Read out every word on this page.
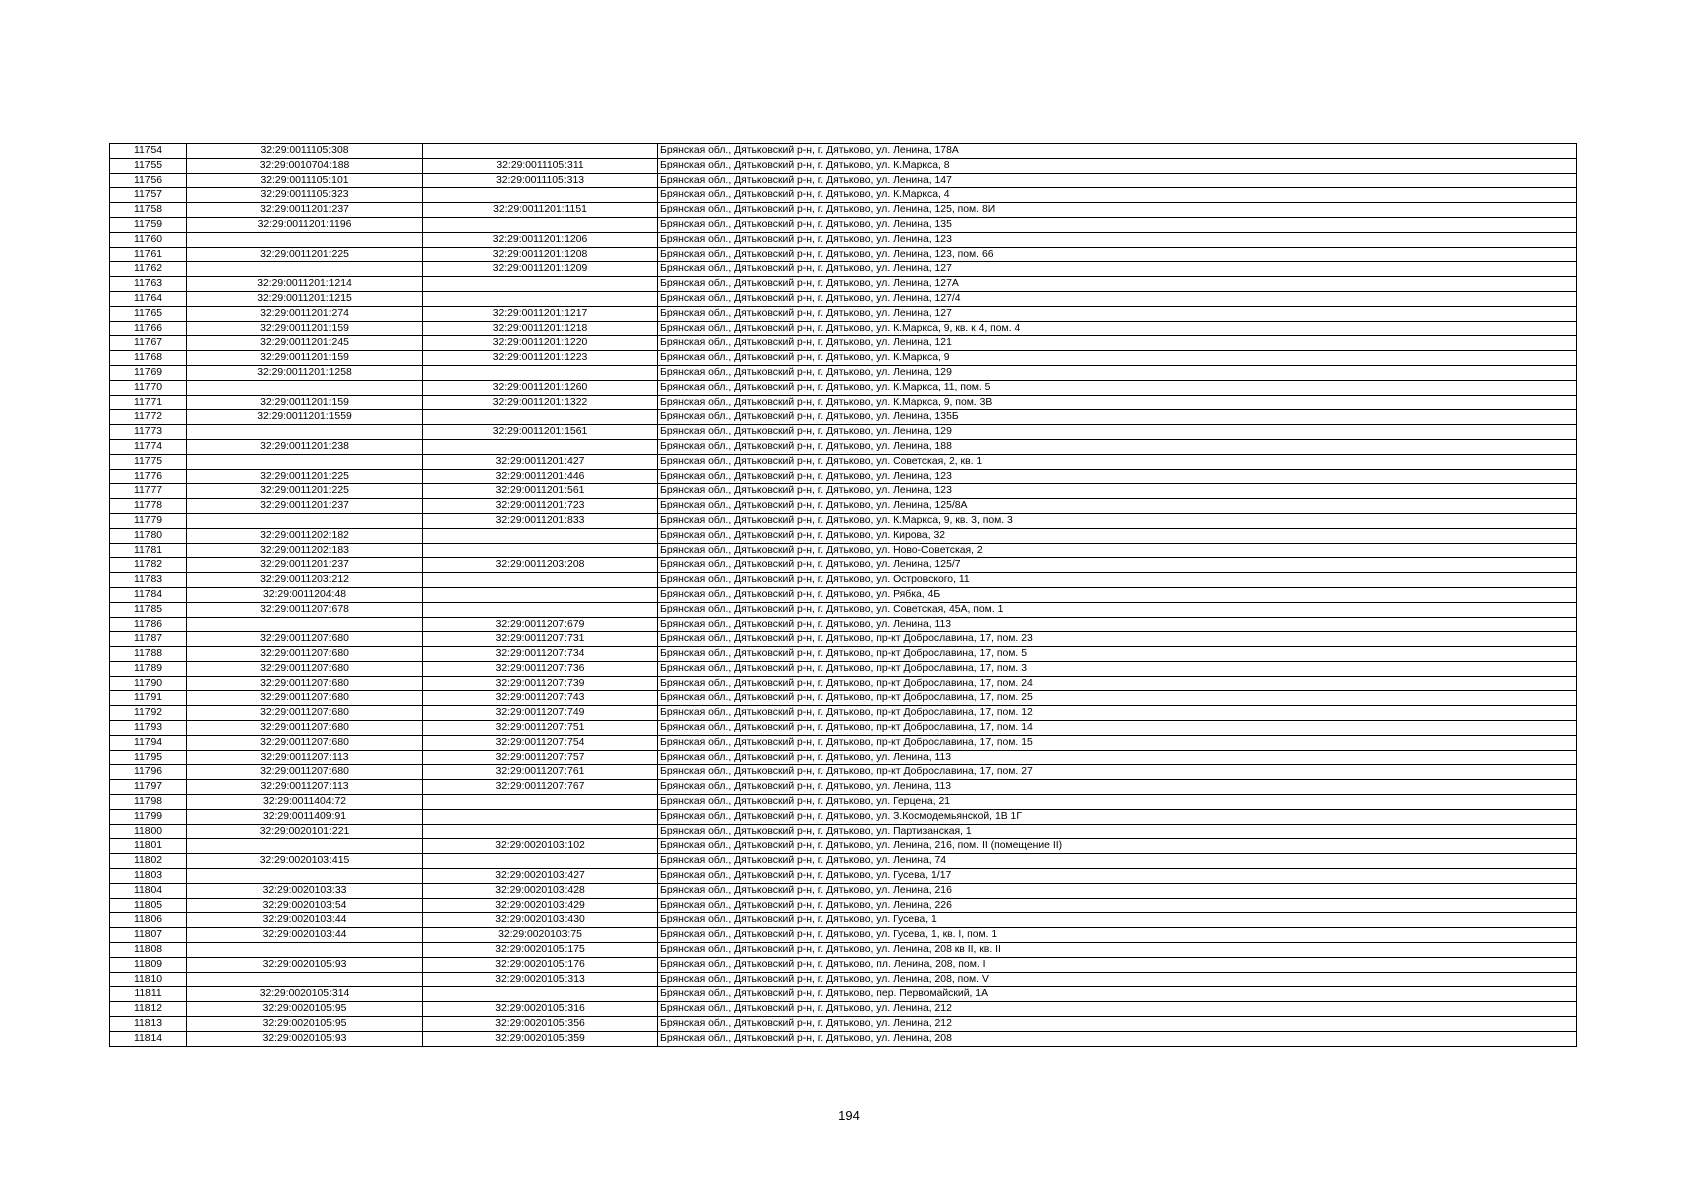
11754	32:29:0011105:308		Брянская обл., Дятьковский р-н, г. Дятьково, ул. Ленина, 178А
11755	32:29:0010704:188	32:29:0011105:311	Брянская обл., Дятьковский р-н, г. Дятьково, ул. К.Маркса, 8
11756	32:29:0011105:101	32:29:0011105:313	Брянская обл., Дятьковский р-н, г. Дятьково, ул. Ленина, 147
11757	32:29:0011105:323		Брянская обл., Дятьковский р-н, г. Дятьково, ул. К.Маркса, 4
11758	32:29:0011201:237	32:29:0011201:1151	Брянская обл., Дятьковский р-н, г. Дятьково, ул. Ленина, 125, пом. 8И
11759	32:29:0011201:1196		Брянская обл., Дятьковский р-н, г. Дятьково, ул. Ленина, 135
11760		32:29:0011201:1206	Брянская обл., Дятьковский р-н, г. Дятьково, ул. Ленина, 123
11761	32:29:0011201:225	32:29:0011201:1208	Брянская обл., Дятьковский р-н, г. Дятьково, ул. Ленина, 123, пом. 66
11762		32:29:0011201:1209	Брянская обл., Дятьковский р-н, г. Дятьково, ул. Ленина, 127
11763	32:29:0011201:1214		Брянская обл., Дятьковский р-н, г. Дятьково, ул. Ленина, 127А
11764	32:29:0011201:1215		Брянская обл., Дятьковский р-н, г. Дятьково, ул. Ленина, 127/4
11765	32:29:0011201:274	32:29:0011201:1217	Брянская обл., Дятьковский р-н, г. Дятьково, ул. Ленина, 127
11766	32:29:0011201:159	32:29:0011201:1218	Брянская обл., Дятьковский р-н, г. Дятьково, ул. К.Маркса, 9, кв. к 4, пом. 4
11767	32:29:0011201:245	32:29:0011201:1220	Брянская обл., Дятьковский р-н, г. Дятьково, ул. Ленина, 121
11768	32:29:0011201:159	32:29:0011201:1223	Брянская обл., Дятьковский р-н, г. Дятьково, ул. К.Маркса, 9
11769	32:29:0011201:1258		Брянская обл., Дятьковский р-н, г. Дятьково, ул. Ленина, 129
11770		32:29:0011201:1260	Брянская обл., Дятьковский р-н, г. Дятьково, ул. К.Маркса, 11, пом. 5
11771	32:29:0011201:159	32:29:0011201:1322	Брянская обл., Дятьковский р-н, г. Дятьково, ул. К.Маркса, 9, пом. 3В
11772	32:29:0011201:1559		Брянская обл., Дятьковский р-н, г. Дятьково, ул. Ленина, 135Б
11773		32:29:0011201:1561	Брянская обл., Дятьковский р-н, г. Дятьково, ул. Ленина, 129
11774	32:29:0011201:238		Брянская обл., Дятьковский р-н, г. Дятьково, ул. Ленина, 188
11775		32:29:0011201:427	Брянская обл., Дятьковский р-н, г. Дятьково, ул. Советская, 2, кв. 1
11776	32:29:0011201:225	32:29:0011201:446	Брянская обл., Дятьковский р-н, г. Дятьково, ул. Ленина, 123
11777	32:29:0011201:225	32:29:0011201:561	Брянская обл., Дятьковский р-н, г. Дятьково, ул. Ленина, 123
11778	32:29:0011201:237	32:29:0011201:723	Брянская обл., Дятьковский р-н, г. Дятьково, ул. Ленина, 125/8А
11779		32:29:0011201:833	Брянская обл., Дятьковский р-н, г. Дятьково, ул. К.Маркса, 9, кв. 3, пом. 3
11780	32:29:0011202:182		Брянская обл., Дятьковский р-н, г. Дятьково, ул. Кирова, 32
11781	32:29:0011202:183		Брянская обл., Дятьковский р-н, г. Дятьково, ул. Ново-Советская, 2
11782	32:29:0011201:237	32:29:0011203:208	Брянская обл., Дятьковский р-н, г. Дятьково, ул. Ленина, 125/7
11783	32:29:0011203:212		Брянская обл., Дятьковский р-н, г. Дятьково, ул. Островского, 11
11784	32:29:0011204:48		Брянская обл., Дятьковский р-н, г. Дятьково, ул. Рябка, 4Б
11785	32:29:0011207:678		Брянская обл., Дятьковский р-н, г. Дятьково, ул. Советская, 45А, пом. 1
11786		32:29:0011207:679	Брянская обл., Дятьковский р-н, г. Дятьково, ул. Ленина, 113
11787	32:29:0011207:680	32:29:0011207:731	Брянская обл., Дятьковский р-н, г. Дятьково, пр-кт Доброславина, 17, пом. 23
11788	32:29:0011207:680	32:29:0011207:734	Брянская обл., Дятьковский р-н, г. Дятьково, пр-кт Доброславина, 17, пом. 5
11789	32:29:0011207:680	32:29:0011207:736	Брянская обл., Дятьковский р-н, г. Дятьково, пр-кт Доброславина, 17, пом. 3
11790	32:29:0011207:680	32:29:0011207:739	Брянская обл., Дятьковский р-н, г. Дятьково, пр-кт Доброславина, 17, пом. 24
11791	32:29:0011207:680	32:29:0011207:743	Брянская обл., Дятьковский р-н, г. Дятьково, пр-кт Доброславина, 17, пом. 25
11792	32:29:0011207:680	32:29:0011207:749	Брянская обл., Дятьковский р-н, г. Дятьково, пр-кт Доброславина, 17, пом. 12
11793	32:29:0011207:680	32:29:0011207:751	Брянская обл., Дятьковский р-н, г. Дятьково, пр-кт Доброславина, 17, пом. 14
11794	32:29:0011207:680	32:29:0011207:754	Брянская обл., Дятьковский р-н, г. Дятьково, пр-кт Доброславина, 17, пом. 15
11795	32:29:0011207:113	32:29:0011207:757	Брянская обл., Дятьковский р-н, г. Дятьково, ул. Ленина, 113
11796	32:29:0011207:680	32:29:0011207:761	Брянская обл., Дятьковский р-н, г. Дятьково, пр-кт Доброславина, 17, пом. 27
11797	32:29:0011207:113	32:29:0011207:767	Брянская обл., Дятьковский р-н, г. Дятьково, ул. Ленина, 113
11798	32:29:0011404:72		Брянская обл., Дятьковский р-н, г. Дятьково, ул. Герцена, 21
11799	32:29:0011409:91		Брянская обл., Дятьковский р-н, г. Дятьково, ул. З.Космодемьянской, 1В 1Г
11800	32:29:0020101:221		Брянская обл., Дятьковский р-н, г. Дятьково, ул. Партизанская, 1
11801		32:29:0020103:102	Брянская обл., Дятьковский р-н, г. Дятьково, ул. Ленина, 216, пом. II (помещение II)
11802	32:29:0020103:415		Брянская обл., Дятьковский р-н, г. Дятьково, ул. Ленина, 74
11803		32:29:0020103:427	Брянская обл., Дятьковский р-н, г. Дятьково, ул. Гусева, 1/17
11804	32:29:0020103:33	32:29:0020103:428	Брянская обл., Дятьковский р-н, г. Дятьково, ул. Ленина, 216
11805	32:29:0020103:54	32:29:0020103:429	Брянская обл., Дятьковский р-н, г. Дятьково, ул. Ленина, 226
11806	32:29:0020103:44	32:29:0020103:430	Брянская обл., Дятьковский р-н, г. Дятьково, ул. Гусева, 1
11807	32:29:0020103:44	32:29:0020103:75	Брянская обл., Дятьковский р-н, г. Дятьково, ул. Гусева, 1, кв. I, пом. 1
11808		32:29:0020105:175	Брянская обл., Дятьковский р-н, г. Дятьково, ул. Ленина, 208 кв II, кв. II
11809	32:29:0020105:93	32:29:0020105:176	Брянская обл., Дятьковский р-н, г. Дятьково, пл. Ленина, 208, пом. I
11810		32:29:0020105:313	Брянская обл., Дятьковский р-н, г. Дятьково, ул. Ленина, 208, пом. V
11811	32:29:0020105:314		Брянская обл., Дятьковский р-н, г. Дятьково, пер. Первомайский, 1А
11812	32:29:0020105:95	32:29:0020105:316	Брянская обл., Дятьковский р-н, г. Дятьково, ул. Ленина, 212
11813	32:29:0020105:95	32:29:0020105:356	Брянская обл., Дятьковский р-н, г. Дятьково, ул. Ленина, 212
11814	32:29:0020105:93	32:29:0020105:359	Брянская обл., Дятьковский р-н, г. Дятьково, ул. Ленина, 208
194
